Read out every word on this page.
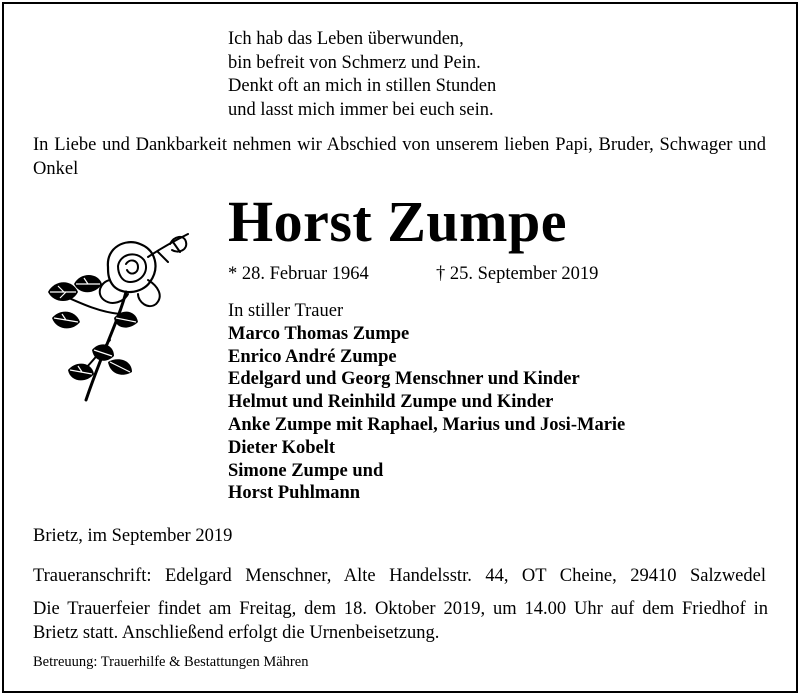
Ich hab das Leben überwunden,
bin befreit von Schmerz und Pein.
Denkt oft an mich in stillen Stunden
und lasst mich immer bei euch sein.

In Liebe und Dankbarkeit nehmen wir Abschied von unserem lieben Papi, Bruder, Schwager und Onkel

Horst Zumpe
* 28. Februar 1964	† 25. September 2019
In stiller Trauer
Marco Thomas Zumpe
Enrico André Zumpe
Edelgard und Georg Menschner und Kinder
Helmut und Reinhild Zumpe und Kinder
Anke Zumpe mit Raphael, Marius und Josi-Marie
Dieter Kobelt
Simone Zumpe und
Horst Puhlmann
Brietz, im September 2019

Traueranschrift: Edelgard Menschner, Alte Handelsstr. 44, OT Cheine, 29410 Salzwedel

Die Trauerfeier findet am Freitag, dem 18. Oktober 2019, um 14.00 Uhr auf dem Friedhof in Brietz statt. Anschließend erfolgt die Urnenbeisetzung.

Betreuung: Trauerhilfe & Bestattungen Mähren
